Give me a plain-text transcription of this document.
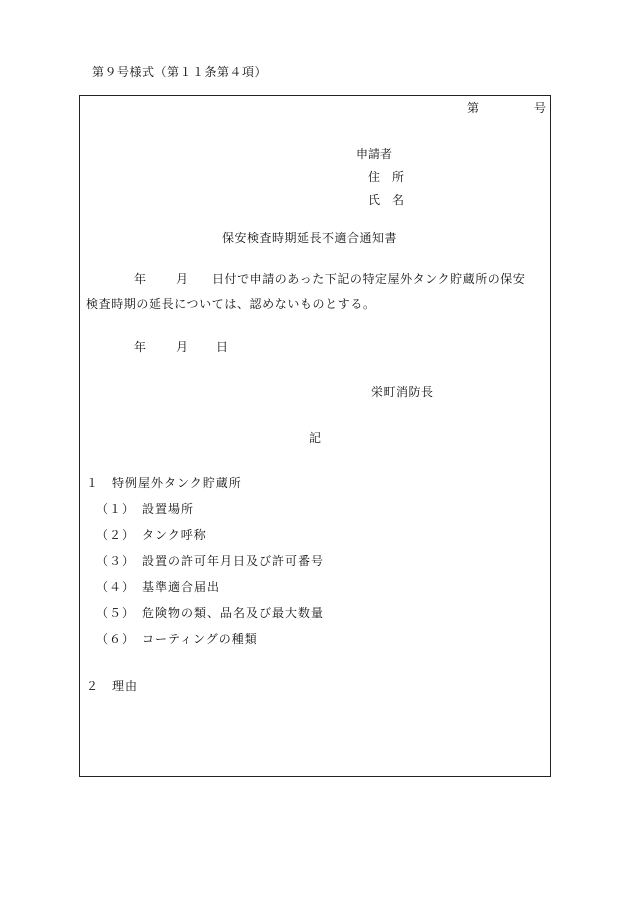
第９号様式（第１１条第４項）
第	号
申請者
住　所
氏　名
保安検査時期延長不適合通知書
年 月 日付で申請のあった下記の特定屋外タンク貯蔵所の保安
検査時期の延長については、認めないものとする。
年 月 日
栄町消防長
記
１　特例屋外タンク貯蔵所
（１）　設置場所
（２）　タンク呼称
（３）　設置の許可年月日及び許可番号
（４）　基準適合届出
（５）　危険物の類、品名及び最大数量
（６）　コーティングの種類
２　理由
